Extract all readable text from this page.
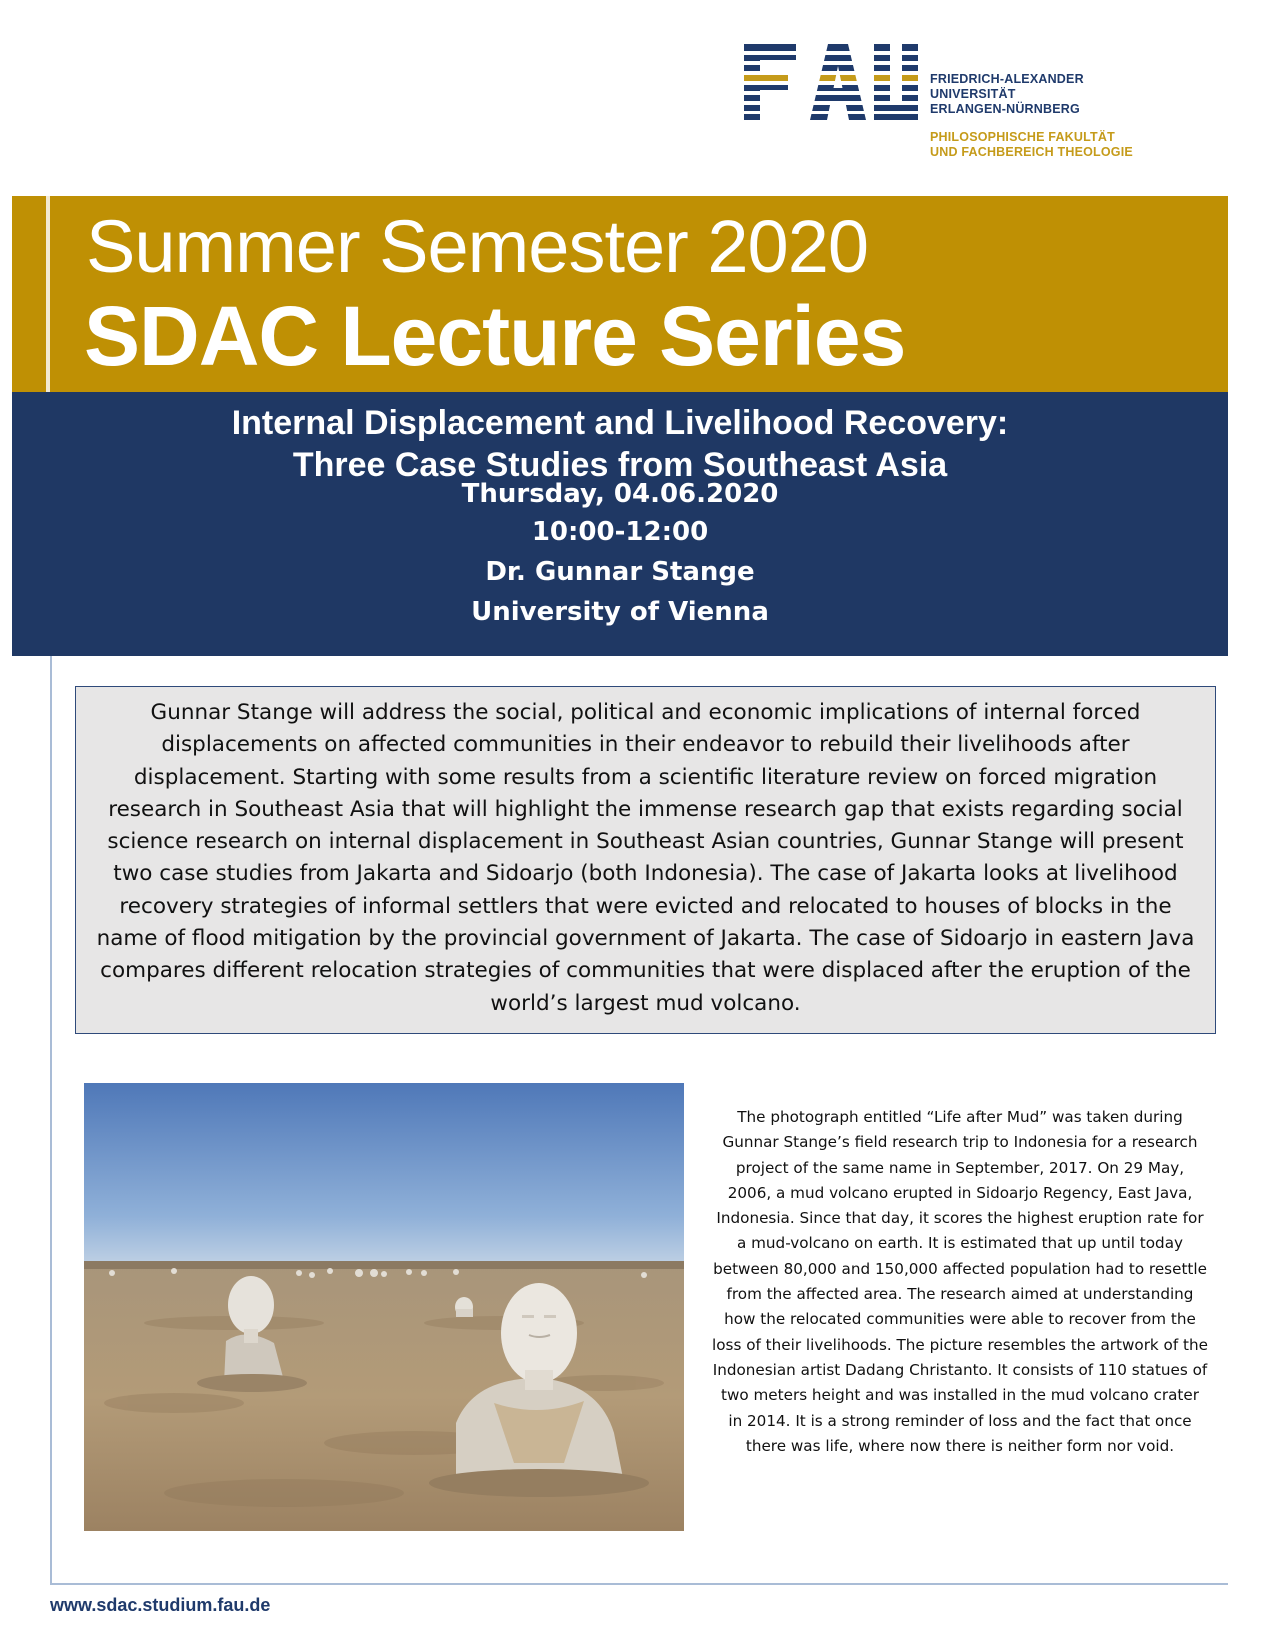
FRIEDRICH-ALEXANDER
UNIVERSITÄT
ERLANGEN-NÜRNBERG
PHILOSOPHISCHE FAKULTÄT
UND FACHBEREICH THEOLOGIE
Summer Semester 2020
SDAC Lecture Series
Internal Displacement and Livelihood Recovery:
Three Case Studies from Southeast Asia
Thursday, 04.06.2020
10:00-12:00
Dr. Gunnar Stange
University of Vienna

Gunnar Stange will address the social, political and economic implications of internal forced displacements on affected communities in their endeavor to rebuild their livelihoods after displacement. Starting with some results from a scientific literature review on forced migration research in Southeast Asia that will highlight the immense research gap that exists regarding social science research on internal displacement in Southeast Asian countries, Gunnar Stange will present two case studies from Jakarta and Sidoarjo (both Indonesia). The case of Jakarta looks at livelihood recovery strategies of informal settlers that were evicted and relocated to houses of blocks in the name of flood mitigation by the provincial government of Jakarta. The case of Sidoarjo in eastern Java compares different relocation strategies of communities that were displaced after the eruption of the world’s largest mud volcano.

The photograph entitled “Life after Mud” was taken during Gunnar Stange’s field research trip to Indonesia for a research project of the same name in September, 2017. On 29 May, 2006, a mud volcano erupted in Sidoarjo Regency, East Java, Indonesia. Since that day, it scores the highest eruption rate for a mud-volcano on earth. It is estimated that up until today between 80,000 and 150,000 affected population had to resettle from the affected area. The research aimed at understanding how the relocated communities were able to recover from the loss of their livelihoods. The picture resembles the artwork of the Indonesian artist Dadang Christanto. It consists of 110 statues of two meters height and was installed in the mud volcano crater in 2014. It is a strong reminder of loss and the fact that once there was life, where now there is neither form nor void.

www.sdac.studium.fau.de
